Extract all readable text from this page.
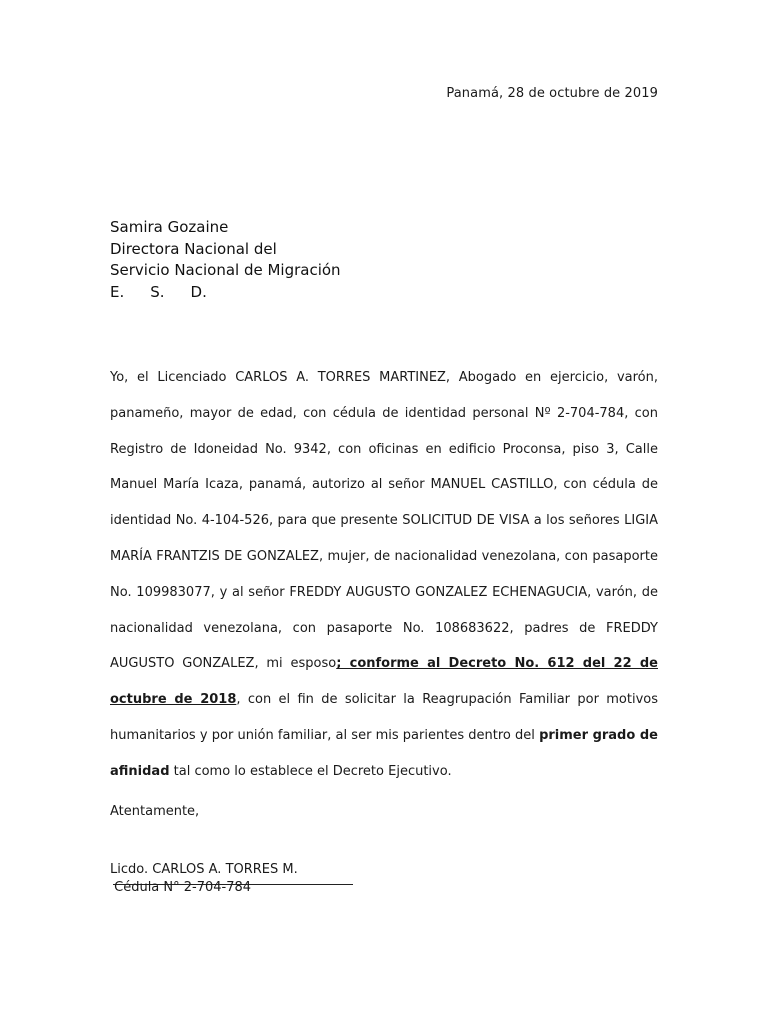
Panamá, 28 de octubre de 2019
Samira Gozaine
Directora Nacional del
Servicio Nacional de Migración
E. S. D.
Yo, el Licenciado CARLOS A. TORRES MARTINEZ, Abogado en ejercicio, varón, panameño, mayor de edad, con cédula de identidad personal Nº 2-704-784, con Registro de Idoneidad No. 9342, con oficinas en edificio Proconsa, piso 3, Calle Manuel María Icaza, panamá, autorizo al señor MANUEL CASTILLO, con cédula de identidad No. 4-104-526, para que presente SOLICITUD DE VISA a los señores LIGIA MARÍA FRANTZIS DE GONZALEZ, mujer, de nacionalidad venezolana, con pasaporte No. 109983077, y al señor FREDDY AUGUSTO GONZALEZ ECHENAGUCIA, varón, de nacionalidad venezolana, con pasaporte No. 108683622, padres de FREDDY AUGUSTO GONZALEZ, mi esposo; conforme al Decreto No. 612 del 22 de octubre de 2018, con el fin de solicitar la Reagrupación Familiar por motivos humanitarios y por unión familiar, al ser mis parientes dentro del primer grado de afinidad tal como lo establece el Decreto Ejecutivo.
Atentamente,
Licdo. CARLOS A. TORRES M.
Cédula N° 2-704-784
